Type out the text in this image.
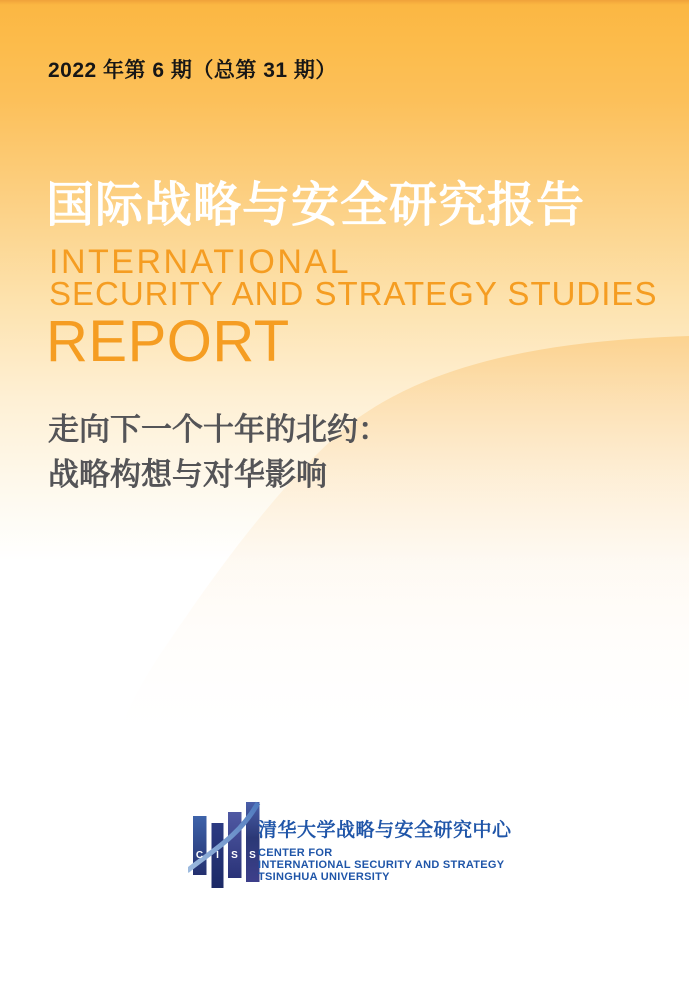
2022 年第 6 期（总第 31 期）
国际战略与安全研究报告
INTERNATIONAL
SECURITY AND STRATEGY STUDIES
REPORT
走向下一个十年的北约：
战略构想与对华影响
C I S S
清华大学战略与安全研究中心
CENTER FOR
INTERNATIONAL SECURITY AND STRATEGY
TSINGHUA UNIVERSITY
